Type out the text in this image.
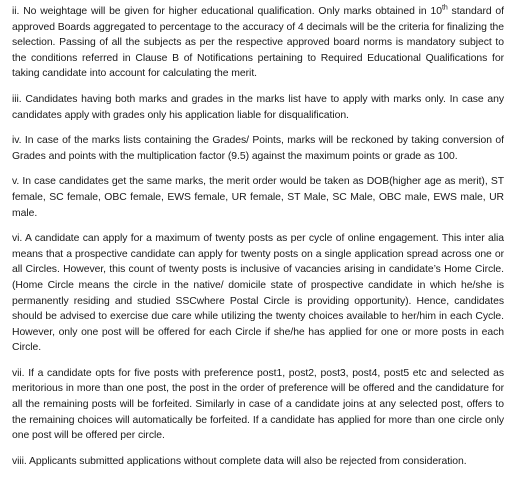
ii. No weightage will be given for higher educational qualification. Only marks obtained in 10th standard of approved Boards aggregated to percentage to the accuracy of 4 decimals will be the criteria for finalizing the selection. Passing of all the subjects as per the respective approved board norms is mandatory subject to the conditions referred in Clause B of Notifications pertaining to Required Educational Qualifications for taking candidate into account for calculating the merit.

iii. Candidates having both marks and grades in the marks list have to apply with marks only. In case any candidates apply with grades only his application liable for disqualification.

iv. In case of the marks lists containing the Grades/ Points, marks will be reckoned by taking conversion of Grades and points with the multiplication factor (9.5) against the maximum points or grade as 100.

v. In case candidates get the same marks, the merit order would be taken as DOB(higher age as merit), ST female, SC female, OBC female, EWS female, UR female, ST Male, SC Male, OBC male, EWS male, UR male.

vi. A candidate can apply for a maximum of twenty posts as per cycle of online engagement. This inter alia means that a prospective candidate can apply for twenty posts on a single application spread across one or all Circles. However, this count of twenty posts is inclusive of vacancies arising in candidate’s Home Circle. (Home Circle means the circle in the native/ domicile state of prospective candidate in which he/she is permanently residing and studied SSCwhere Postal Circle is providing opportunity). Hence, candidates should be advised to exercise due care while utilizing the twenty choices available to her/him in each Cycle. However, only one post will be offered for each Circle if she/he has applied for one or more posts in each Circle.

vii. If a candidate opts for five posts with preference post1, post2, post3, post4, post5 etc and selected as meritorious in more than one post, the post in the order of preference will be offered and the candidature for all the remaining posts will be forfeited. Similarly in case of a candidate joins at any selected post, offers to the remaining choices will automatically be forfeited. If a candidate has applied for more than one circle only one post will be offered per circle.

viii. Applicants submitted applications without complete data will also be rejected from consideration.
